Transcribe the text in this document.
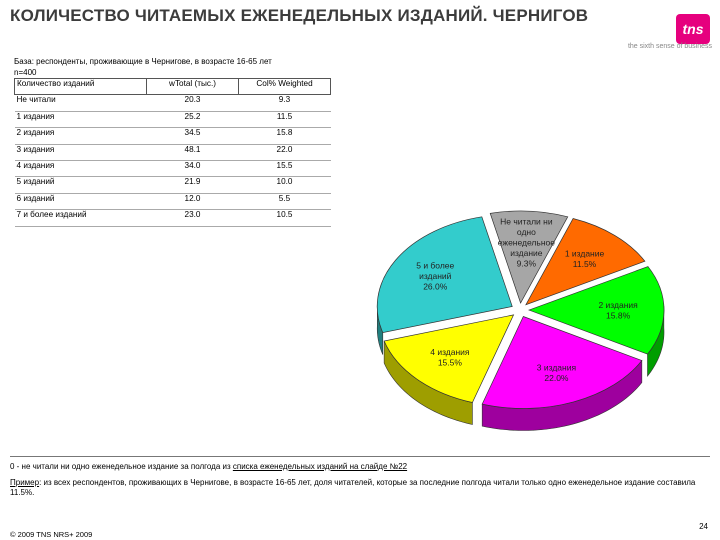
КОЛИЧЕСТВО ЧИТАЕМЫХ ЕЖЕНЕДЕЛЬНЫХ ИЗДАНИЙ. ЧЕРНИГОВ
tns
the sixth sense of business
База: респонденты, проживающие в Чернигове, в возрасте 16-65 лет
n=400
Количество изданий	wTotal (тыс.)	Col% Weighted
Не читали	20.3	9.3
1 издания	25.2	11.5
2 издания	34.5	15.8
3 издания	48.1	22.0
4 издания	34.0	15.5
5 изданий	21.9	10.0
6 изданий	12.0	5.5
7 и более изданий	23.0	10.5
Не читали ни одно еженедельное издание 9.3%
1 издание 11.5%
2 издания 15.8%
3 издания 22.0%
4 издания 15.5%
5 и более изданий 26.0%
0 - не читали ни одно еженедельное издание за полгода из списка еженедельных изданий на слайде №22
Пример: из всех респондентов, проживающих в Чернигове, в возрасте 16-65 лет, доля читателей, которые за последние полгода читали только одно еженедельное издание составила 11.5%.
© 2009 TNS NRS+ 2009
24
